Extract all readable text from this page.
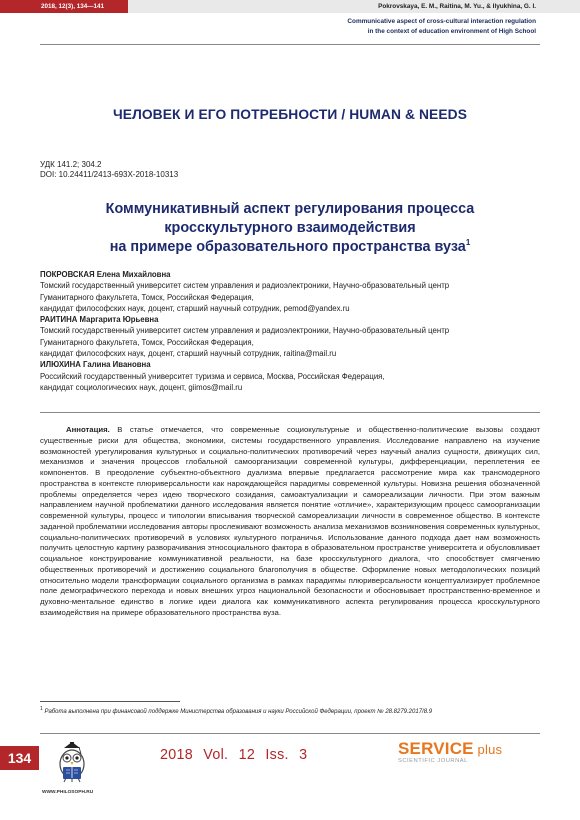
2018, 12(3), 134—141	Pokrovskaya, E. M., Raitina, M. Yu., & Ilyukhina, G. I.
Communicative aspect of cross-cultural interaction regulation
in the context of education environment of High School
ЧЕЛОВЕК И ЕГО ПОТРЕБНОСТИ / HUMAN & NEEDS
УДК 141.2; 304.2
DOI: 10.24411/2413-693X-2018-10313
Коммуникативный аспект регулирования процесса
кросскультурного взаимодействия
на примере образовательного пространства вуза$^1$
ПОКРОВСКАЯ Елена Михайловна
Томский государственный университет систем управления и радиоэлектроники, Научно-образовательный центр
Гуманитарного факультета, Томск, Российская Федерация,
кандидат философских наук, доцент, старший научный сотрудник, pemod@yandex.ru
РАИТИНА Маргарита Юрьевна
Томский государственный университет систем управления и радиоэлектроники, Научно-образовательный центр
Гуманитарного факультета, Томск, Российская Федерация,
кандидат философских наук, доцент, старший научный сотрудник, raitina@mail.ru
ИЛЮХИНА Галина Ивановна
Российский государственный университет туризма и сервиса, Москва, Российская Федерация,
кандидат социологических наук, доцент, giimos@mail.ru

Аннотация. В статье отмечается, что современные социокультурные и общественно-политические вызовы создают существенные риски для общества, экономики, системы государственного управления. Исследование направлено на изучение возможностей урегулирования культурных и социально-политических противоречий через научный анализ сущности, движущих сил, механизмов и значения процессов глобальной самоорганизации современной культуры, дифференциации, переплетения ее компонентов. В преодоление субъектно-объектного дуализма впервые предлагается рассмотрение мира как трансмодерного пространства в контексте плюриверсальности как нарождающейся парадигмы современной культуры. Новизна решения обозначенной проблемы определяется через идею творческого созидания, самоактуализации и самореализации личности. При этом важным направлением научной проблематики данного исследования является понятие «отличие», характеризующим процесс самоорганизации современной культуры, процесс и типологии вписывания творческой самореализации личности в современное общество. В контексте заданной проблематики исследования авторы прослеживают возможность анализа механизмов возникновения современных культурных, социально-политических противоречий в условиях культурного пограничья. Использование данного подхода дает нам возможность получить целостную картину разворачивания этносоциального фактора в образовательном пространстве университета и обусловливает социальное конструирование коммуникативной реальности, на базе кросскультурного диалога, что способствует смягчению общественных противоречий и достижению социального благополучия в обществе. Оформление новых методологических позиций относительно модели трансформации социального организма в рамках парадигмы плюриверсальности концептуализирует проблемное поле демографического перехода и новых внешних угроз национальной безопасности и обосновывает пространственно-временное и духовно-ментальное единство в логике идеи диалога как коммуникативного аспекта регулирования процесса кросскультурного взаимодействия на примере образовательного пространства вуза.

$^1$ Работа выполнена при финансовой поддержке Министерства образования и науки Российской Федерации, проект № 28.8279.2017/8.9
134
WWW.PHILOSOPH.RU
2018 Vol. 12 Iss. 3	SERVICE plus
SCIENTIFIC JOURNAL
